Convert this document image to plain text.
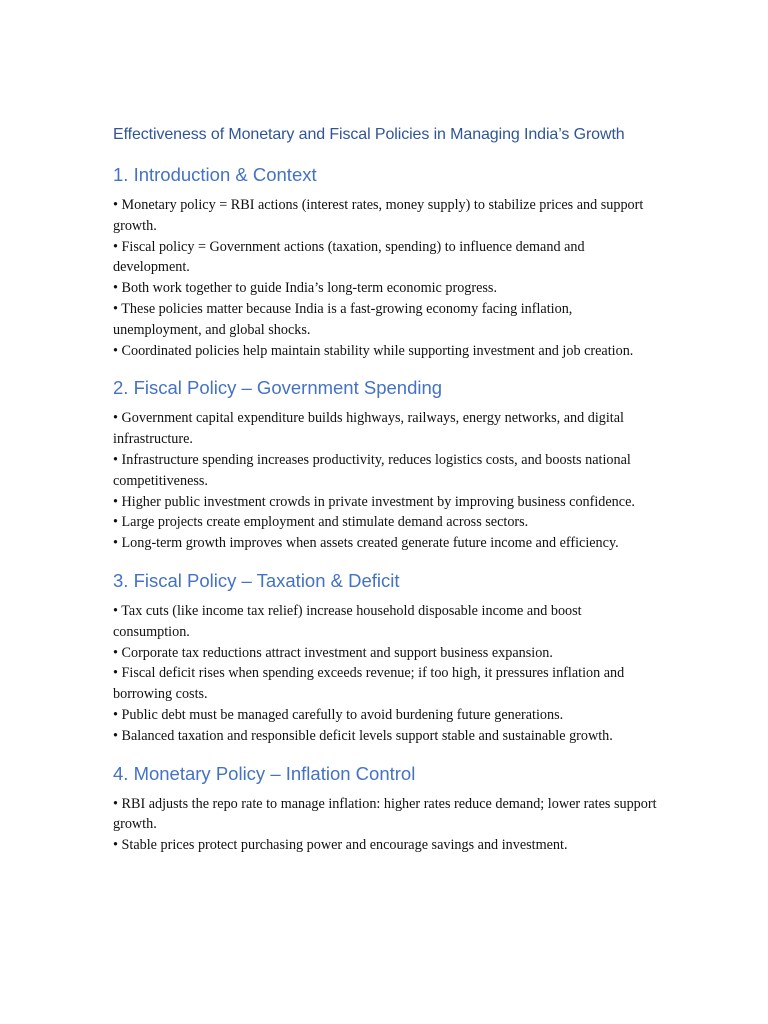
Effectiveness of Monetary and Fiscal Policies in Managing India’s Growth
1. Introduction & Context
• Monetary policy = RBI actions (interest rates, money supply) to stabilize prices and support growth.
• Fiscal policy = Government actions (taxation, spending) to influence demand and development.
• Both work together to guide India’s long-term economic progress.
• These policies matter because India is a fast-growing economy facing inflation, unemployment, and global shocks.
• Coordinated policies help maintain stability while supporting investment and job creation.
2. Fiscal Policy – Government Spending
• Government capital expenditure builds highways, railways, energy networks, and digital infrastructure.
• Infrastructure spending increases productivity, reduces logistics costs, and boosts national competitiveness.
• Higher public investment crowds in private investment by improving business confidence.
• Large projects create employment and stimulate demand across sectors.
• Long-term growth improves when assets created generate future income and efficiency.
3. Fiscal Policy – Taxation & Deficit
• Tax cuts (like income tax relief) increase household disposable income and boost consumption.
• Corporate tax reductions attract investment and support business expansion.
• Fiscal deficit rises when spending exceeds revenue; if too high, it pressures inflation and borrowing costs.
• Public debt must be managed carefully to avoid burdening future generations.
• Balanced taxation and responsible deficit levels support stable and sustainable growth.
4. Monetary Policy – Inflation Control
• RBI adjusts the repo rate to manage inflation: higher rates reduce demand; lower rates support growth.
• Stable prices protect purchasing power and encourage savings and investment.
